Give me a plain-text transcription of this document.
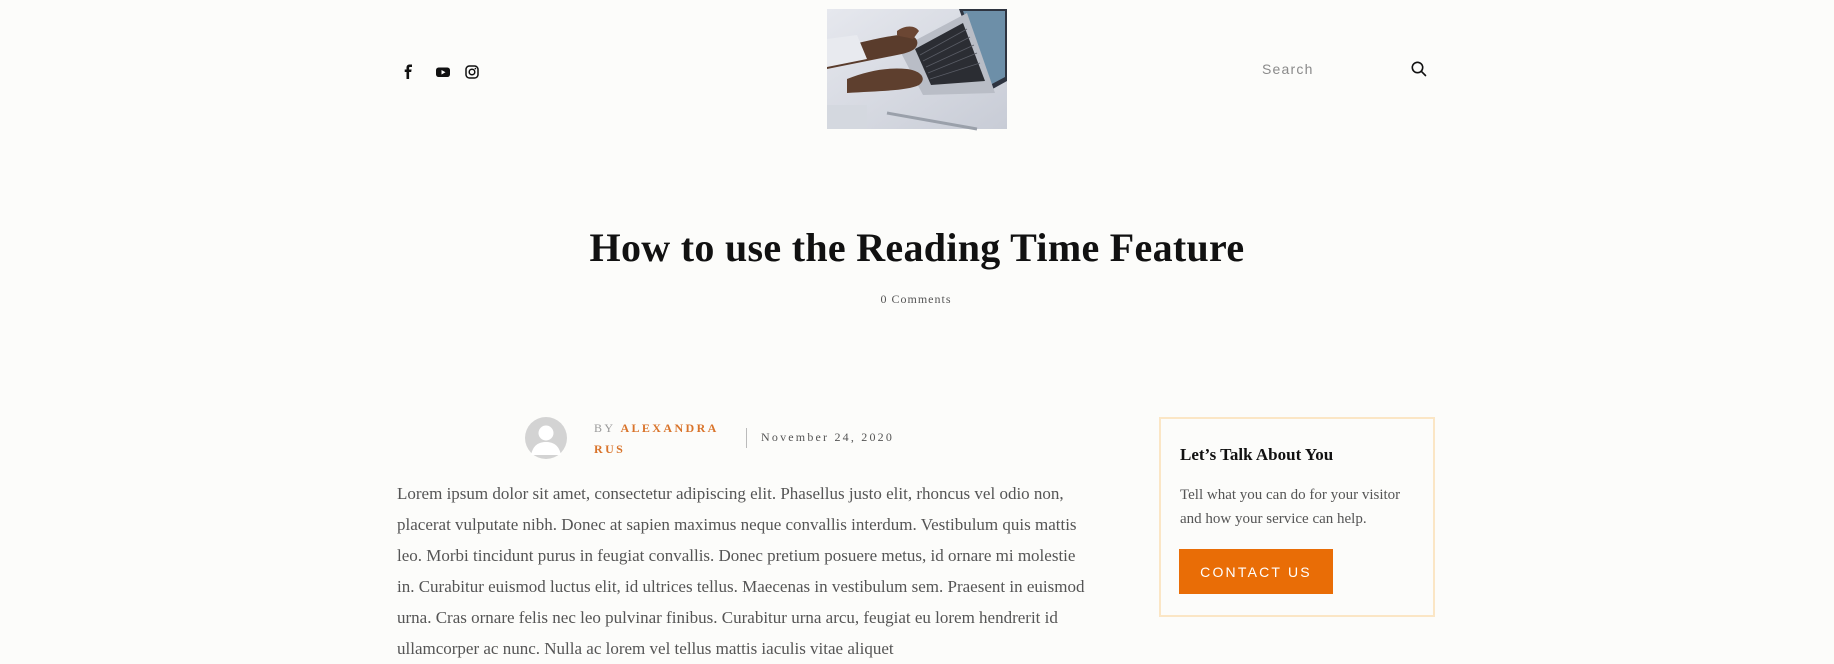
Search
How to use the Reading Time Feature
0 Comments
BY ALEXANDRA RUS
November 24, 2020

Lorem ipsum dolor sit amet, consectetur adipiscing elit. Phasellus justo elit, rhoncus vel odio non, placerat vulputate nibh. Donec at sapien maximus neque convallis interdum. Vestibulum quis mattis leo. Morbi tincidunt purus in feugiat convallis. Donec pretium posuere metus, id ornare mi molestie in. Curabitur euismod luctus elit, id ultrices tellus. Maecenas in vestibulum sem. Praesent in euismod urna. Cras ornare felis nec leo pulvinar finibus. Curabitur urna arcu, feugiat eu lorem hendrerit id ullamcorper ac nunc. Nulla ac lorem vel tellus mattis iaculis vitae aliquet

Let’s Talk About You

Tell what you can do for your visitor and how your service can help.

CONTACT US
